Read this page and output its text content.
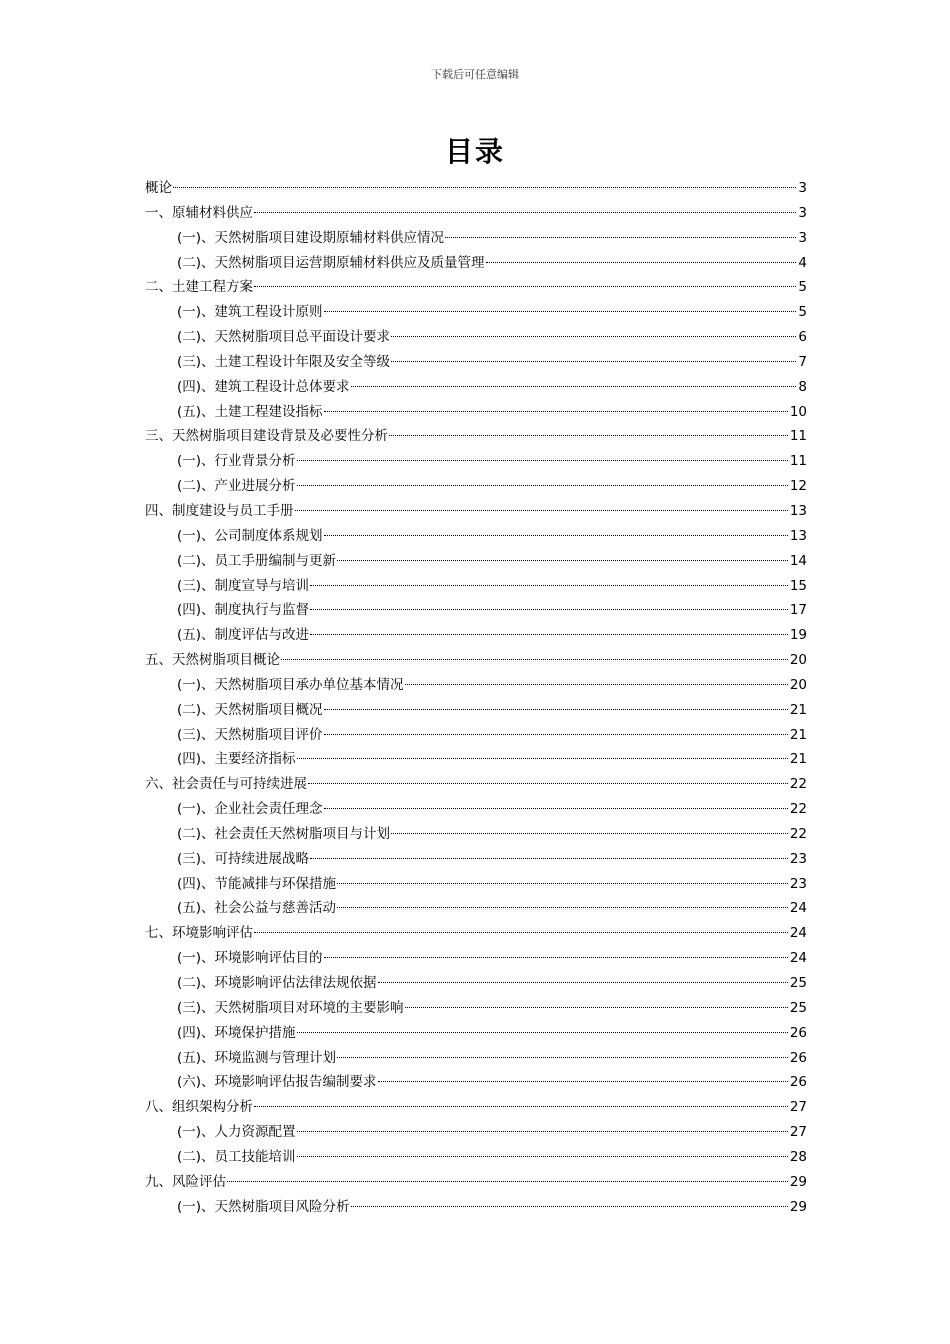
下载后可任意编辑
目录
概论	3
一、原辅材料供应	3
(一)、天然树脂项目建设期原辅材料供应情况	3
(二)、天然树脂项目运营期原辅材料供应及质量管理	4
二、土建工程方案	5
(一)、建筑工程设计原则	5
(二)、天然树脂项目总平面设计要求	6
(三)、土建工程设计年限及安全等级	7
(四)、建筑工程设计总体要求	8
(五)、土建工程建设指标	10
三、天然树脂项目建设背景及必要性分析	11
(一)、行业背景分析	11
(二)、产业进展分析	12
四、制度建设与员工手册	13
(一)、公司制度体系规划	13
(二)、员工手册编制与更新	14
(三)、制度宣导与培训	15
(四)、制度执行与监督	17
(五)、制度评估与改进	19
五、天然树脂项目概论	20
(一)、天然树脂项目承办单位基本情况	20
(二)、天然树脂项目概况	21
(三)、天然树脂项目评价	21
(四)、主要经济指标	21
六、社会责任与可持续进展	22
(一)、企业社会责任理念	22
(二)、社会责任天然树脂项目与计划	22
(三)、可持续进展战略	23
(四)、节能减排与环保措施	23
(五)、社会公益与慈善活动	24
七、环境影响评估	24
(一)、环境影响评估目的	24
(二)、环境影响评估法律法规依据	25
(三)、天然树脂项目对环境的主要影响	25
(四)、环境保护措施	26
(五)、环境监测与管理计划	26
(六)、环境影响评估报告编制要求	26
八、组织架构分析	27
(一)、人力资源配置	27
(二)、员工技能培训	28
九、风险评估	29
(一)、天然树脂项目风险分析	29
